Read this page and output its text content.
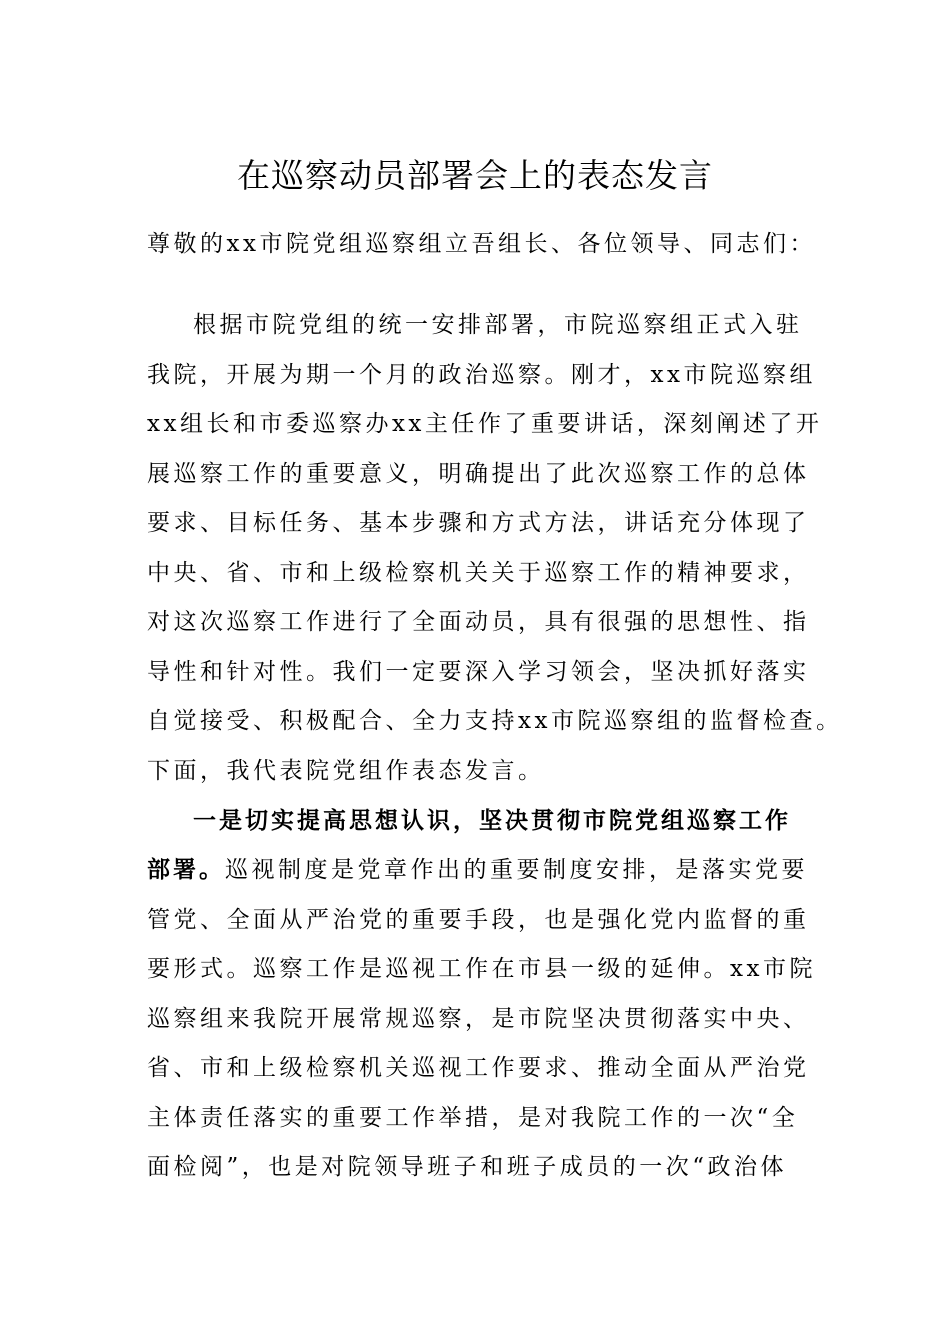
在巡察动员部署会上的表态发言
尊敬的xx市院党组巡察组立吾组长、各位领导、同志们：
根据市院党组的统一安排部署，市院巡察组正式入驻
我院，开展为期一个月的政治巡察。刚才，xx市院巡察组
xx组长和市委巡察办xx主任作了重要讲话，深刻阐述了开
展巡察工作的重要意义，明确提出了此次巡察工作的总体
要求、目标任务、基本步骤和方式方法，讲话充分体现了
中央、省、市和上级检察机关关于巡察工作的精神要求，
对这次巡察工作进行了全面动员，具有很强的思想性、指
导性和针对性。我们一定要深入学习领会，坚决抓好落实
自觉接受、积极配合、全力支持xx市院巡察组的监督检查。
下面，我代表院党组作表态发言。
一是切实提高思想认识，坚决贯彻市院党组巡察工作
部署。巡视制度是党章作出的重要制度安排，是落实党要
管党、全面从严治党的重要手段，也是强化党内监督的重
要形式。巡察工作是巡视工作在市县一级的延伸。xx市院
巡察组来我院开展常规巡察，是市院坚决贯彻落实中央、
省、市和上级检察机关巡视工作要求、推动全面从严治党
主体责任落实的重要工作举措，是对我院工作的一次“全
面检阅”，也是对院领导班子和班子成员的一次“政治体
